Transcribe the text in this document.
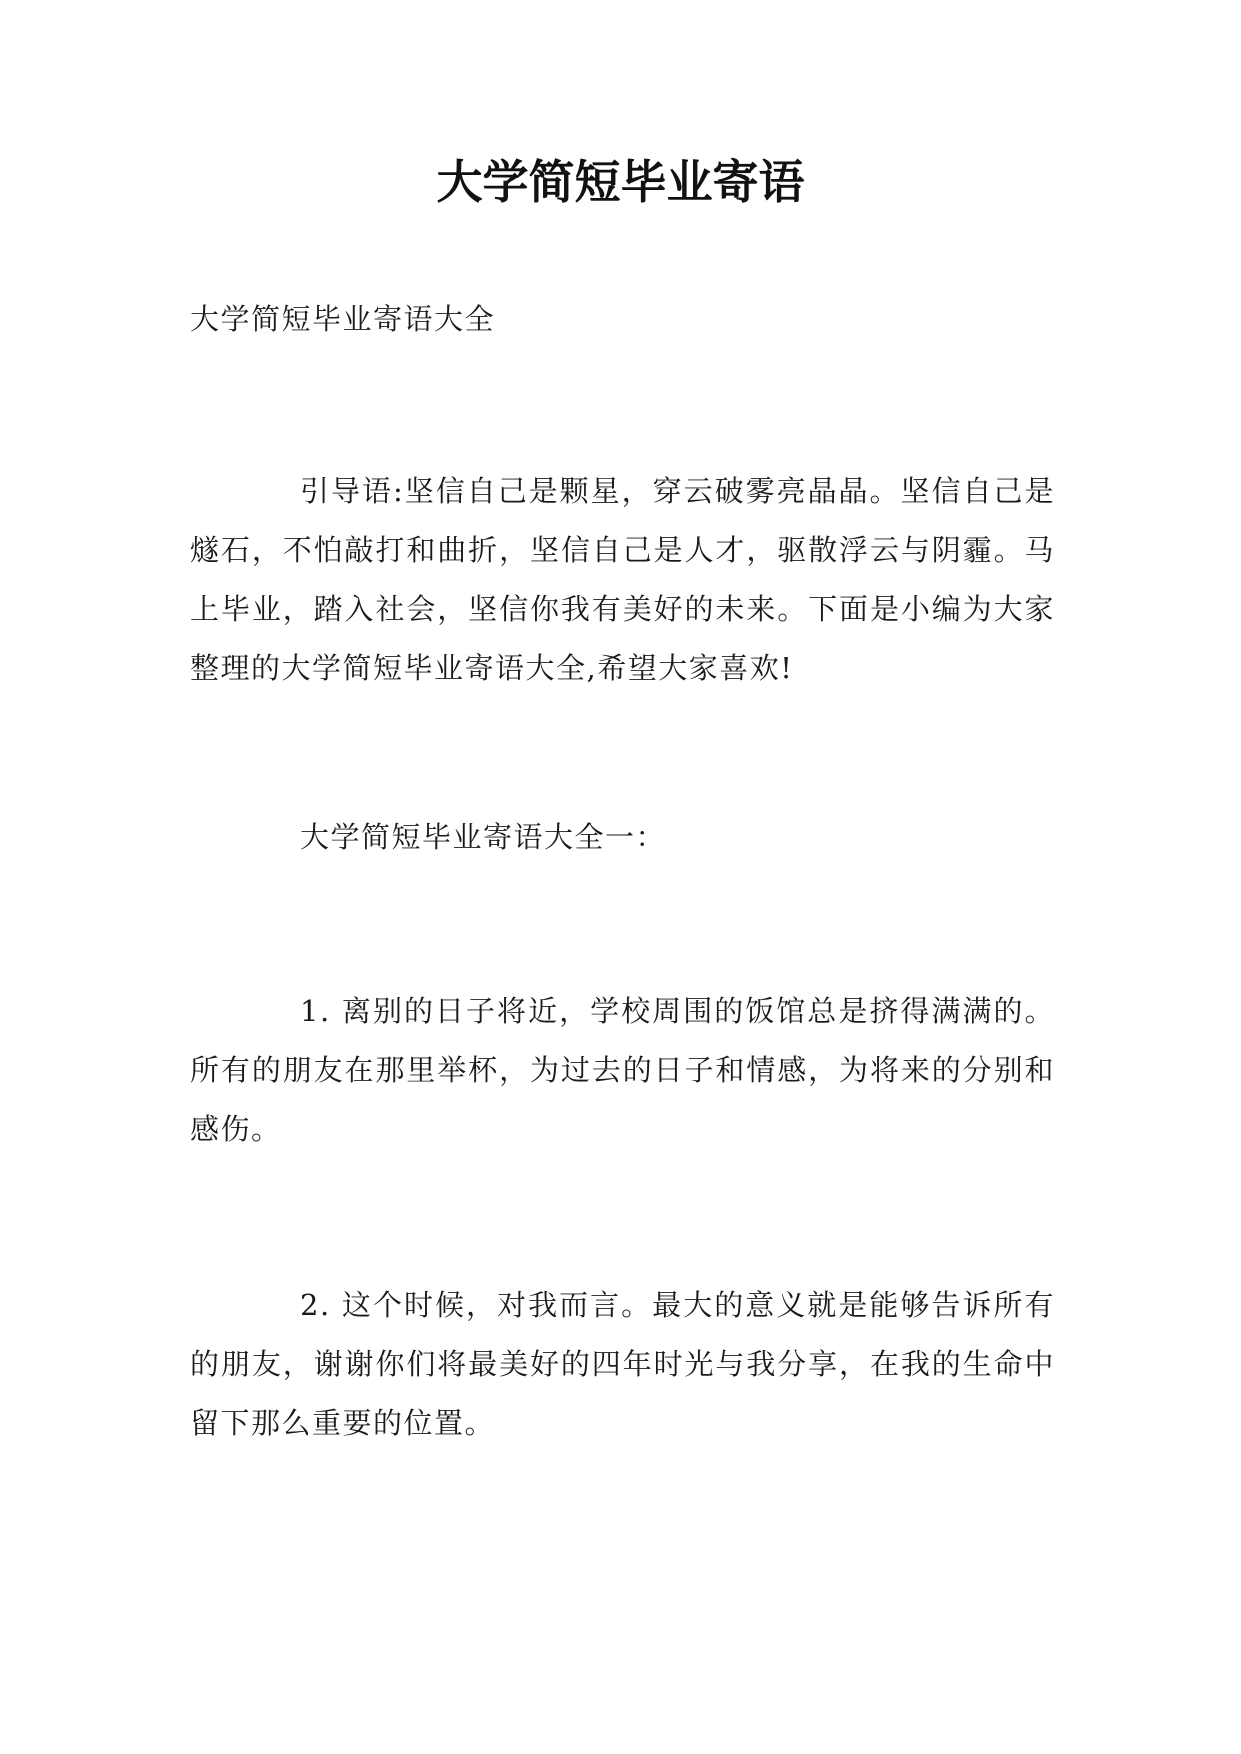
大学简短毕业寄语

大学简短毕业寄语大全

引导语:坚信自己是颗星，穿云破雾亮晶晶。坚信自己是燧石，不怕敲打和曲折，坚信自己是人才，驱散浮云与阴霾。马上毕业，踏入社会，坚信你我有美好的未来。下面是小编为大家整理的大学简短毕业寄语大全,希望大家喜欢!

大学简短毕业寄语大全一：

1. 离别的日子将近，学校周围的饭馆总是挤得满满的。所有的朋友在那里举杯，为过去的日子和情感，为将来的分别和感伤。

2. 这个时候，对我而言。最大的意义就是能够告诉所有的朋友，谢谢你们将最美好的四年时光与我分享，在我的生命中留下那么重要的位置。
